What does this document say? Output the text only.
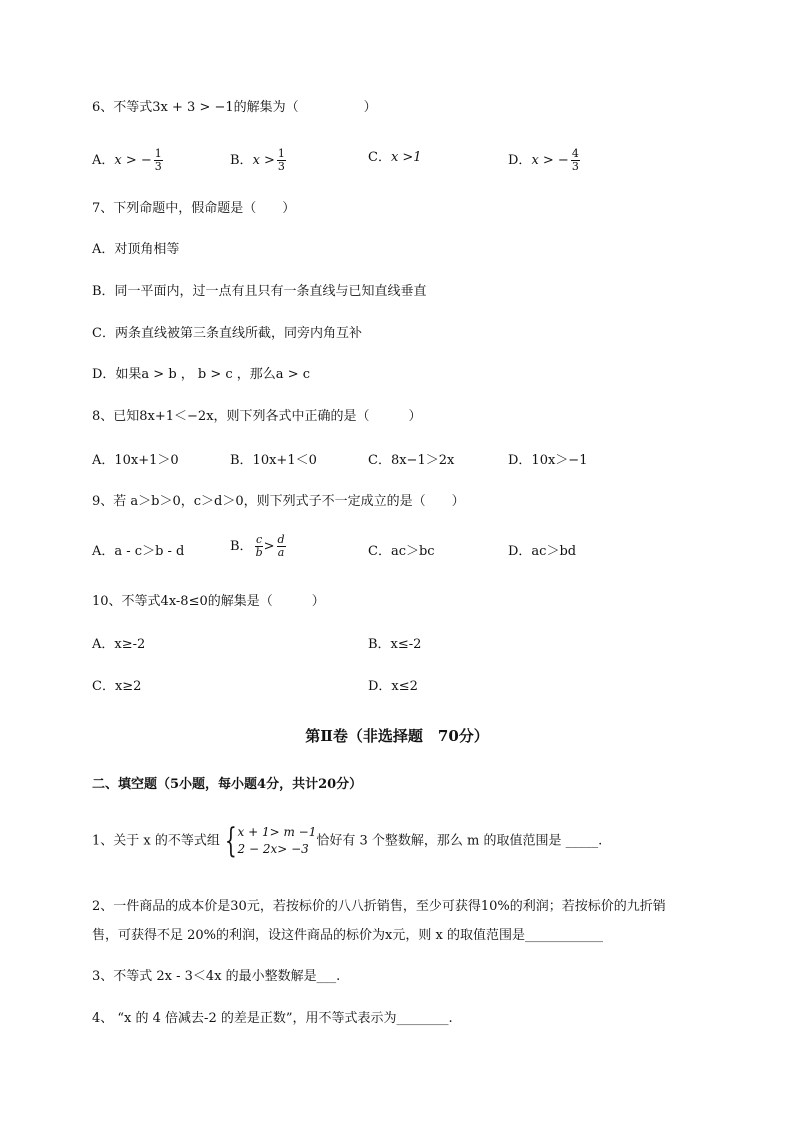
6、不等式3x + 3 > −1的解集为（　　　　　）
A．x > − $\frac{1}{3}$	B．$x > \frac{1}{3}$	C．x >1	D．x > − $\frac{4}{3}$
7、下列命题中，假命题是（　　）
A．对顶角相等
B．同一平面内，过一点有且只有一条直线与已知直线垂直
C．两条直线被第三条直线所截，同旁内角互补
D．如果a > b ， b > c ，那么a > c
8、已知8x+1＜−2x，则下列各式中正确的是（　　　）
A．10x+1＞0	B．10x+1＜0	C．8x−1＞2x	D．10x＞−1
9、若 a＞b＞0，c＞d＞0，则下列式子不一定成立的是（　　）
A．a - c＞b - d	B． $\frac{c}{b} > \frac{d}{a}$	C．ac＞bc	D．ac＞bd
10、不等式4x-8≤0的解集是（　　　）
A．x≥-2	B．x≤-2
C．x≥2	D．x≤2
第Ⅱ卷（非选择题　70分）
二、填空题（5小题，每小题4分，共计20分）
1、关于 x 的不等式组 { x + 1> m −1
2 − 2x> −3
恰好有 3 个整数解，那么 m 的取值范围是 _____.
2、一件商品的成本价是30元，若按标价的八八折销售，至少可获得10%的利润；若按标价的九折销
售，可获得不足 20%的利润，设这件商品的标价为x元，则 x 的取值范围是____________
3、不等式 2x - 3＜4x 的最小整数解是___.
4、 “x 的 4 倍减去-2 的差是正数”，用不等式表示为________.
